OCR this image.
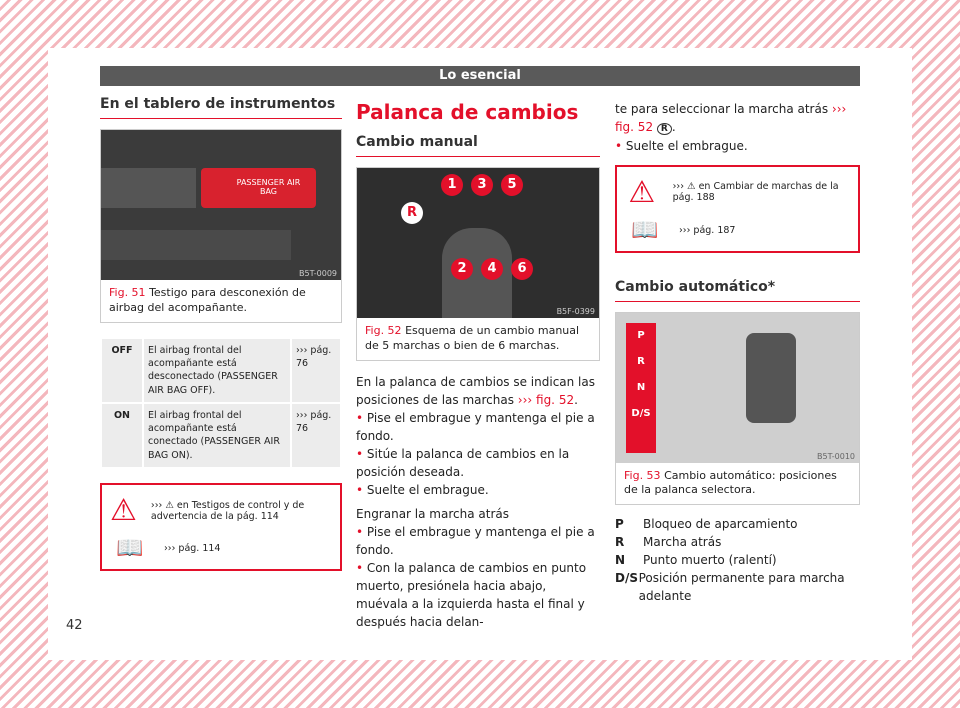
Lo esencial
42
En el tablero de instrumentos
PASSENGER AIR BAG
B5T-0009
Fig. 51 Testigo para desconexión de airbag del acompañante.
OFF	El airbag frontal del acompañante está desconectado (PASSENGER AIR BAG OFF).	››› pág. 76
ON	El airbag frontal del acompañante está conectado (PASSENGER AIR BAG ON).	››› pág. 76
⚠ ››› ⚠ en Testigos de control y de advertencia de la pág. 114
📖	››› pág. 114
Palanca de cambios
Cambio manual
R
1	3	5
2	4	6
B5F-0399
Fig. 52 Esquema de un cambio manual de 5 marchas o bien de 6 marchas.

En la palanca de cambios se indican las posiciones de las marchas ››› fig. 52.

• Pise el embrague y mantenga el pie a fondo.
• Sitúe la palanca de cambios en la posición deseada.
• Suelte el embrague.

Engranar la marcha atrás

• Pise el embrague y mantenga el pie a fondo.
• Con la palanca de cambios en punto muerto, presiónela hacia abajo, muévala a la izquierda hasta el final y después hacia delan-

te para seleccionar la marcha atrás ››› fig. 52 R .

• Suelte el embrague.
⚠	››› ⚠ en Cambiar de marchas de la pág. 188
📖	››› pág. 187
Cambio automático*
P
R
N
D/S
B5T-0010
Fig. 53 Cambio automático: posiciones de la palanca selectora.
P	Bloqueo de aparcamiento
R	Marcha atrás
N	Punto muerto (ralentí)
D/S Posición permanente para marcha adelante
